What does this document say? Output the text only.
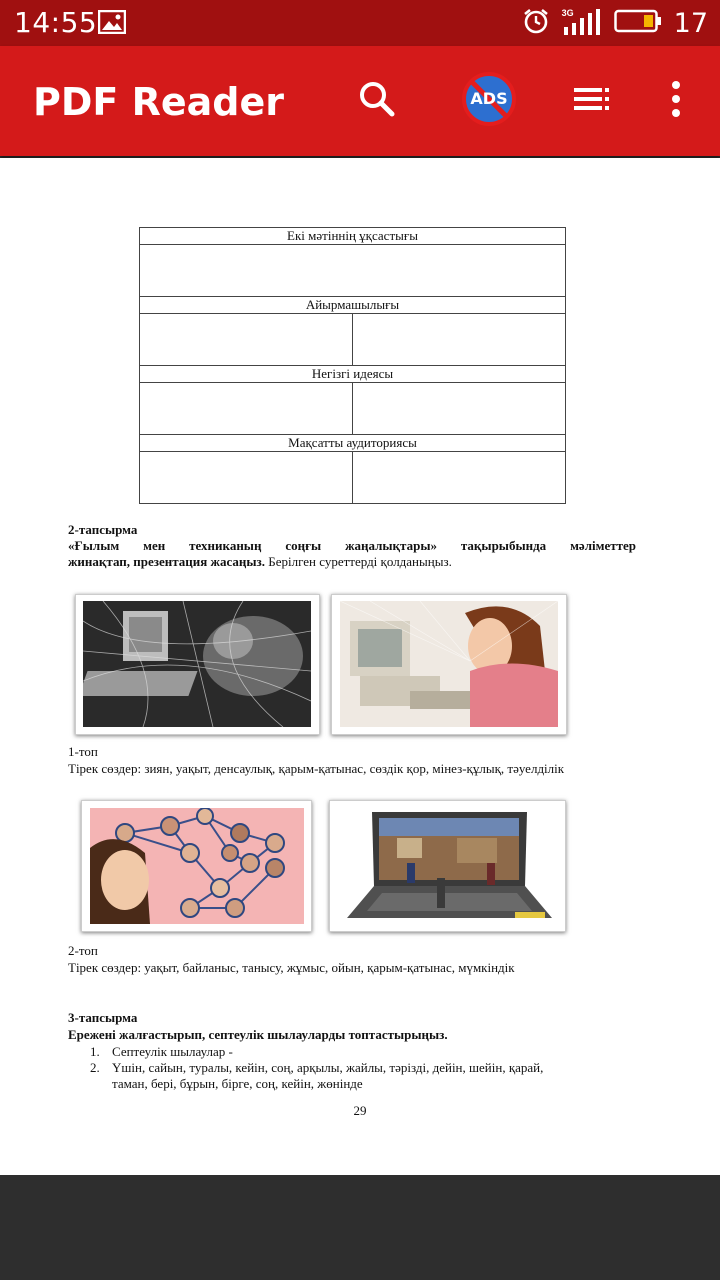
14:55	3G	17
PDF Reader	ADS
Екі мәтіннің ұқсастығы	

Айырмашылығы	

Негізгі идеясы	

Мақсатты аудиториясы	

2-тапсырма
«Ғылым мен техниканың соңғы жаңалықтары» тақырыбында мәліметтер
жинақтап, презентация жасаңыз. Берілген суреттерді қолданыңыз.
1-топ
Тірек сөздер: зиян, уақыт, денсаулық, қарым-қатынас, сөздік қор, мінез-құлық, тәуелділік
2-топ
Тірек сөздер: уақыт, байланыс, танысу, жұмыс, ойын, қарым-қатынас, мүмкіндік
3-тапсырма
Ережені жалғастырып, септеулік шылауларды топтастырыңыз.
1. Септеулік шылаулар -
2. Үшін, сайын, туралы, кейін, соң, арқылы, жайлы, тәрізді, дейін, шейін, қарай,
таман, бері, бұрын, бірге, соң, кейін, жөнінде
29
